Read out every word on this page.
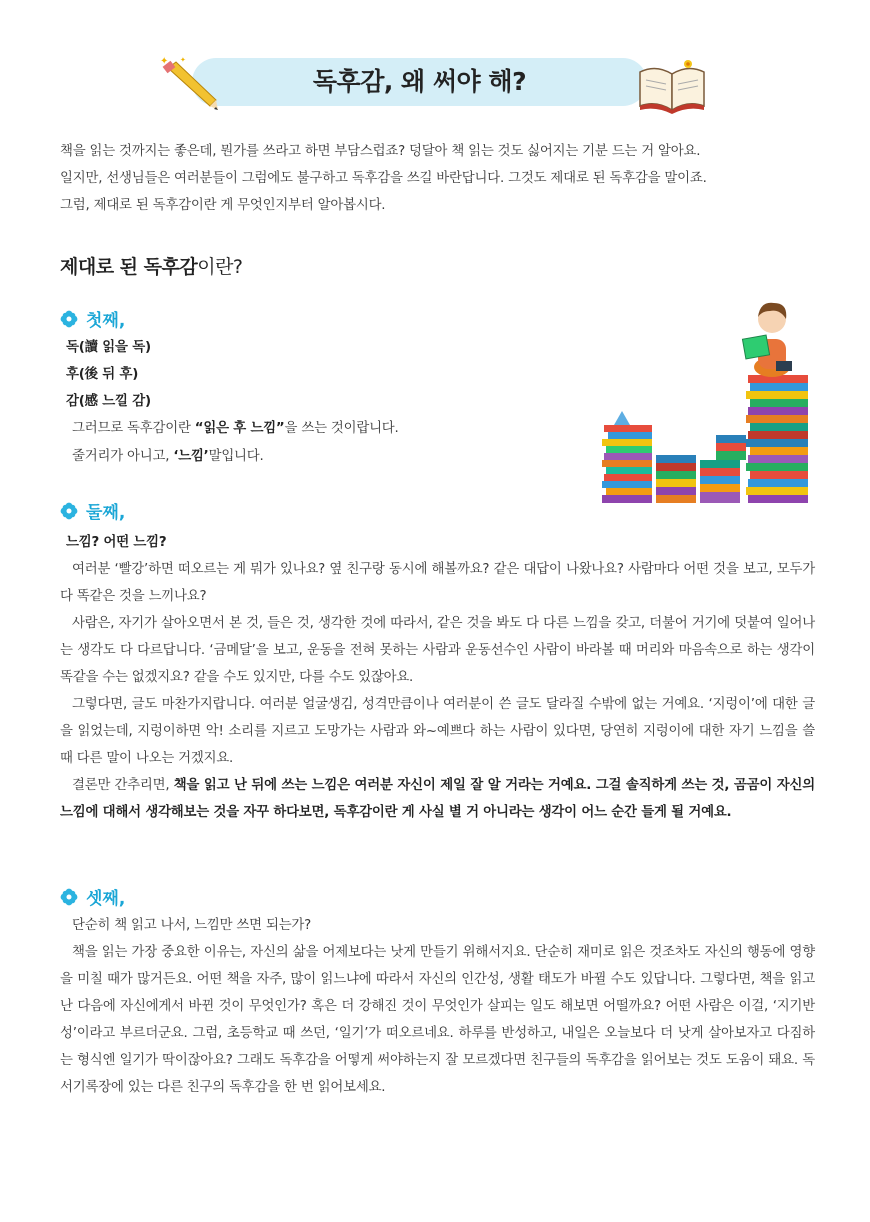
독후감, 왜 써야 해?
✦ ✦

책을 읽는 것까지는 좋은데, 뭔가를 쓰라고 하면 부담스럽죠? 덩달아 책 읽는 것도 싫어지는 기분 드는 거 알아요.

일지만, 선생님들은 여러분들이 그럼에도 불구하고 독후감을 쓰길 바란답니다. 그것도 제대로 된 독후감을 말이죠.

그럼, 제대로 된 독후감이란 게 무엇인지부터 알아봅시다.

제대로 된 독후감이란?
첫째,

독(讀 읽을 독)

후(後 뒤 후)

감(感 느낄 감)

그러므로 독후감이란 “읽은 후 느낌”을 쓰는 것이랍니다.

줄거리가 아니고, ‘느낌’말입니다.

둘째,

느낌? 어떤 느낌?

여러분 ‘빨강’하면 떠오르는 게 뭐가 있나요? 옆 친구랑 동시에 해볼까요? 같은 대답이 나왔나요? 사람마다 어떤 것을 보고, 모두가 다 똑같은 것을 느끼나요?

사람은, 자기가 살아오면서 본 것, 들은 것, 생각한 것에 따라서, 같은 것을 봐도 다 다른 느낌을 갖고, 더불어 거기에 덧붙여 일어나는 생각도 다 다르답니다. ‘금메달’을 보고, 운동을 전혀 못하는 사람과 운동선수인 사람이 바라볼 때 머리와 마음속으로 하는 생각이 똑같을 수는 없겠지요? 같을 수도 있지만, 다를 수도 있잖아요.

그렇다면, 글도 마찬가지랍니다. 여러분 얼굴생김, 성격만큼이나 여러분이 쓴 글도 달라질 수밖에 없는 거예요. ‘지렁이’에 대한 글을 읽었는데, 지렁이하면 악! 소리를 지르고 도망가는 사람과 와~예쁘다 하는 사람이 있다면, 당연히 지렁이에 대한 자기 느낌을 쓸 때 다른 말이 나오는 거겠지요.

결론만 간추리면, 책을 읽고 난 뒤에 쓰는 느낌은 여러분 자신이 제일 잘 알 거라는 거예요. 그걸 솔직하게 쓰는 것, 곰곰이 자신의 느낌에 대해서 생각해보는 것을 자꾸 하다보면, 독후감이란 게 사실 별 거 아니라는 생각이 어느 순간 들게 될 거예요.

셋째,

단순히 책 읽고 나서, 느낌만 쓰면 되는가?

책을 읽는 가장 중요한 이유는, 자신의 삶을 어제보다는 낫게 만들기 위해서지요. 단순히 재미로 읽은 것조차도 자신의 행동에 영향을 미칠 때가 많거든요. 어떤 책을 자주, 많이 읽느냐에 따라서 자신의 인간성, 생활 태도가 바뀔 수도 있답니다. 그렇다면, 책을 읽고 난 다음에 자신에게서 바뀐 것이 무엇인가? 혹은 더 강해진 것이 무엇인가 살피는 일도 해보면 어떨까요? 어떤 사람은 이걸, ‘지기반성’이라고 부르더군요. 그럼, 초등학교 때 쓰던, ‘일기’가 떠오르네요. 하루를 반성하고, 내일은 오늘보다 더 낫게 살아보자고 다짐하는 형식엔 일기가 딱이잖아요? 그래도 독후감을 어떻게 써야하는지 잘 모르겠다면 친구들의 독후감을 읽어보는 것도 도움이 돼요. 독서기록장에 있는 다른 친구의 독후감을 한 번 읽어보세요.
